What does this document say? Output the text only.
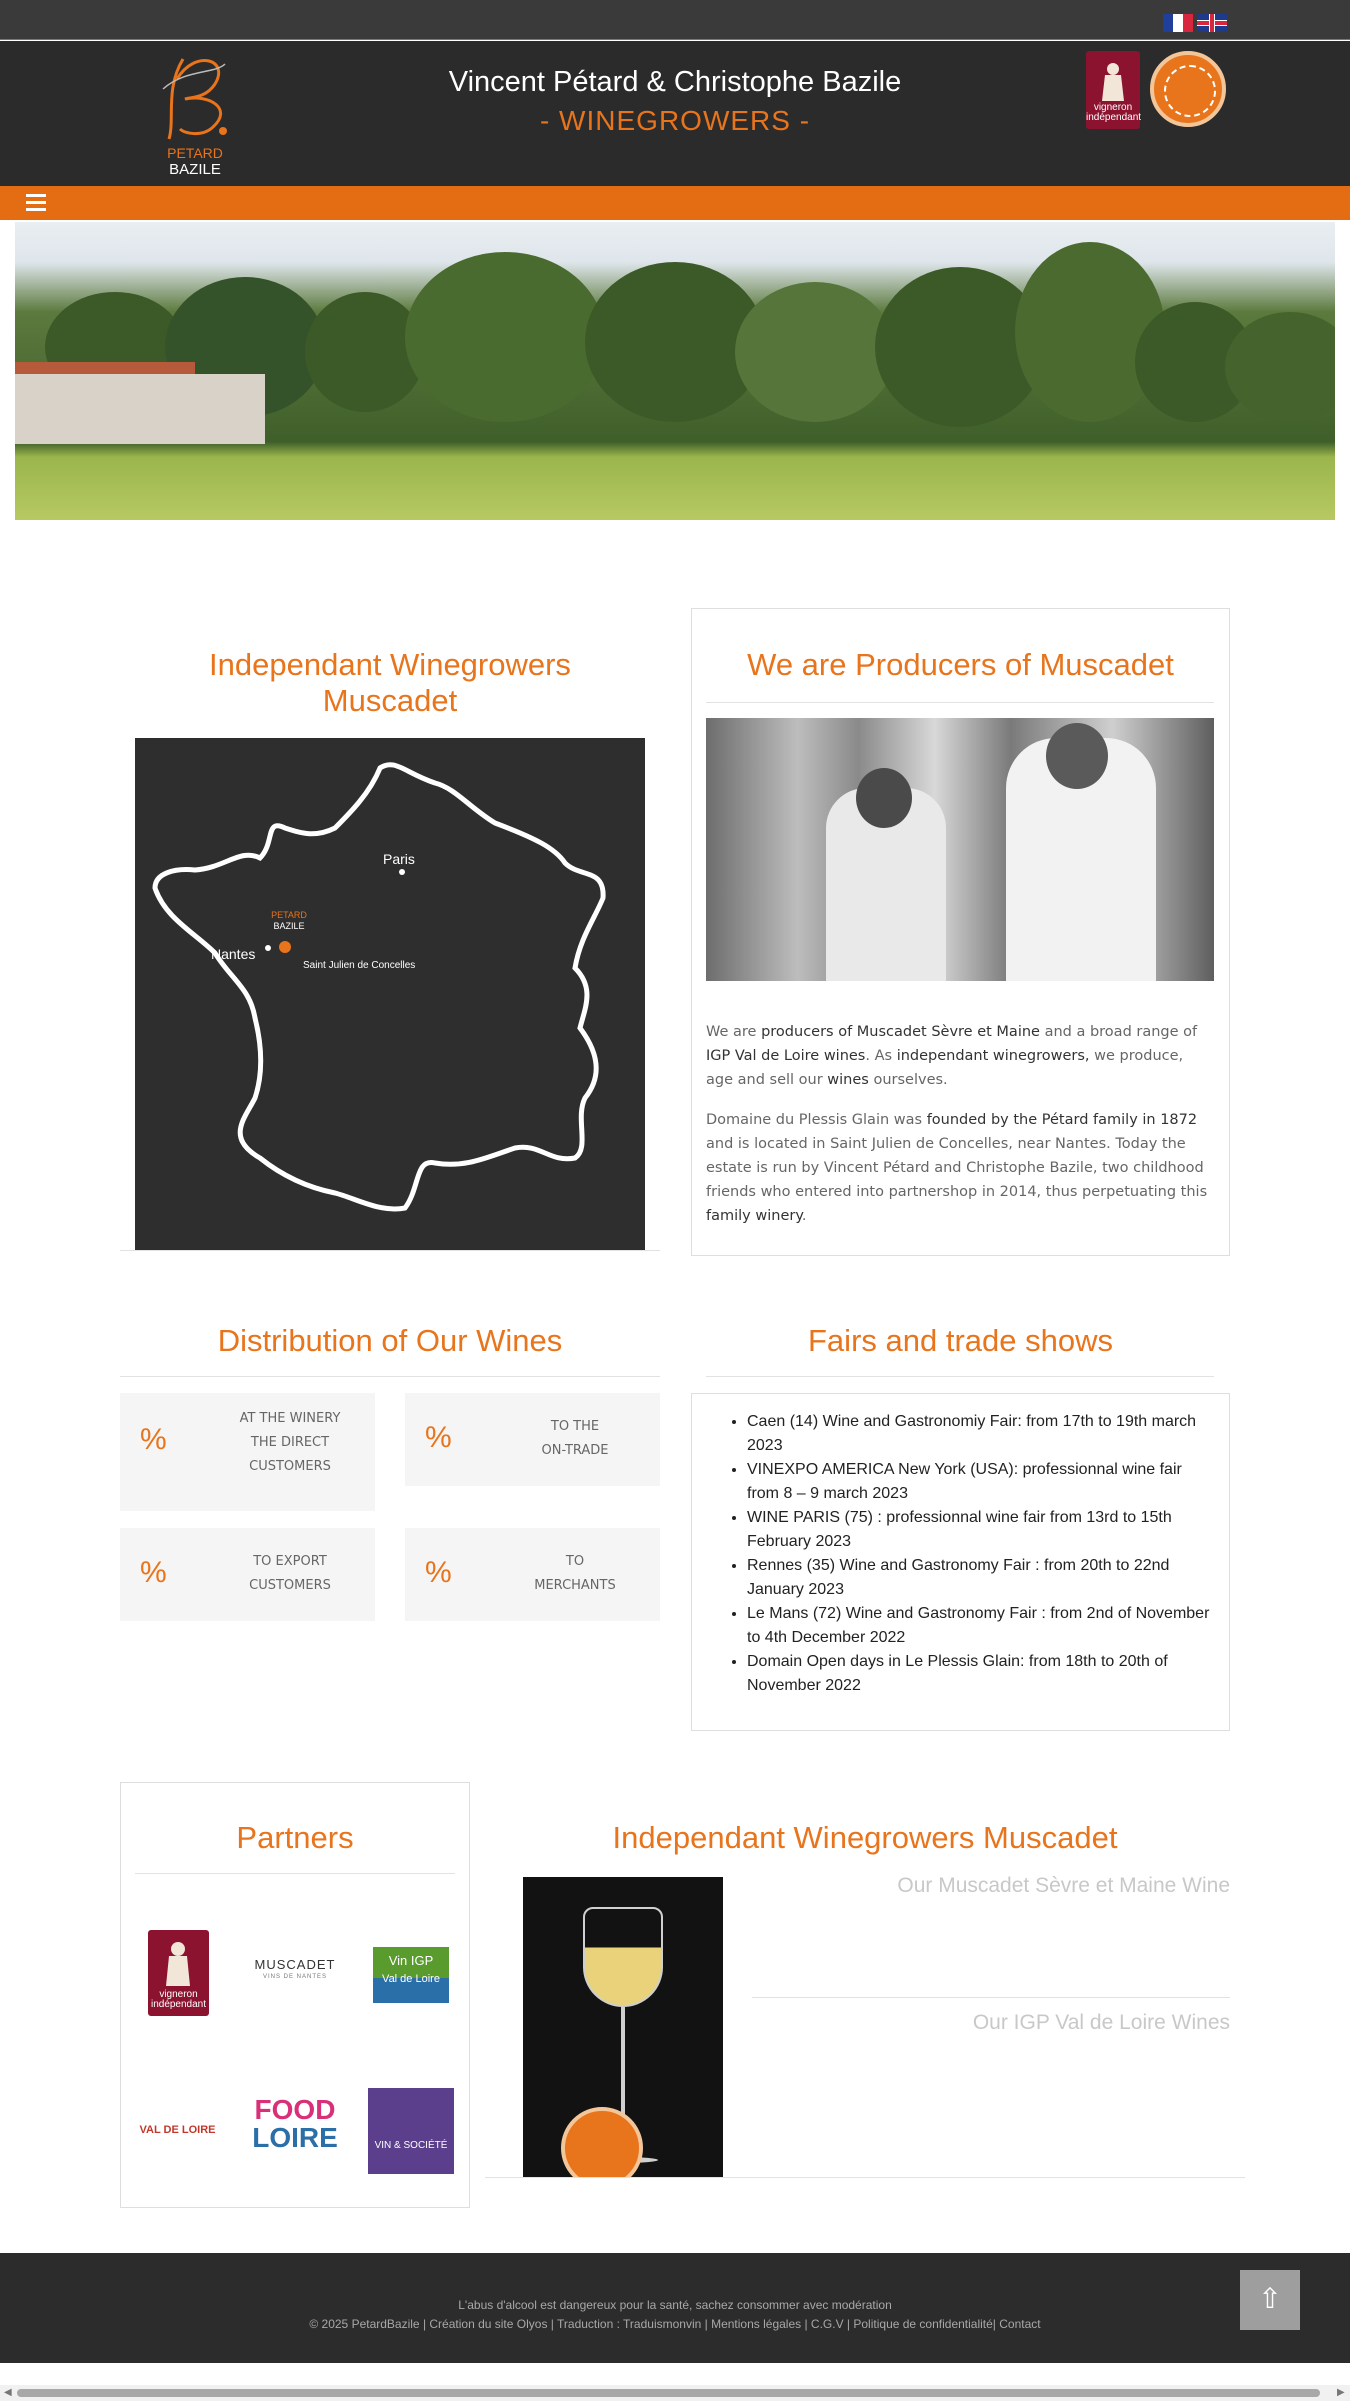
PETARD
BAZILE
Vincent Pétard & Christophe Bazile
- WINEGROWERS -	vigneron
indépendant
Independant Winegrowers
Muscadet
Paris
Nantes
Saint Julien de Concelles
PETARD
BAZILE
We are Producers of Muscadet
We are producers of Muscadet Sèvre et Maine and a broad range of IGP Val de Loire wines. As independant winegrowers, we produce, age and sell our wines ourselves.
Domaine du Plessis Glain was founded by the Pétard family in 1872 and is located in Saint Julien de Concelles, near Nantes. Today the estate is run by Vincent Pétard and Christophe Bazile, two childhood friends who entered into partnershop in 2014, thus perpetuating this family winery.
Distribution of Our Wines
%
AT THE WINERY
THE DIRECT
CUSTOMERS
%	TO THE
ON-TRADE
%	TO EXPORT
CUSTOMERS	%	TO
MERCHANTS
Fairs and trade shows
• Caen (14) Wine and Gastronomiy Fair: from 17th to 19th march 2023
• VINEXPO AMERICA New York (USA): professionnal wine fair from 8 – 9 march 2023
• WINE PARIS (75) : professionnal wine fair from 13rd to 15th February 2023
• Rennes (35) Wine and Gastronomy Fair : from 20th to 22nd January 2023
• Le Mans (72) Wine and Gastronomy Fair : from 2nd of November to 4th December 2022
• Domain Open days in Le Plessis Glain: from 18th to 20th of November 2022
Partners
vigneron
indépendant
MUSCADET
VINS DE NANTES
Vin IGP
Val de Loire
VAL DE LOIRE
FOOD
LOIRE	VIN & SOCIÉTÉ
Independant Winegrowers Muscadet
Our Muscadet Sèvre et Maine Wine
Our IGP Val de Loire Wines
L'abus d'alcool est dangereux pour la santé, sachez consommer avec modération
© 2025 PetardBazile | Création du site Olyos | Traduction : Traduismonvin | Mentions légales | C.G.V | Politique de confidentialité| Contact
⇧
◀	▶
